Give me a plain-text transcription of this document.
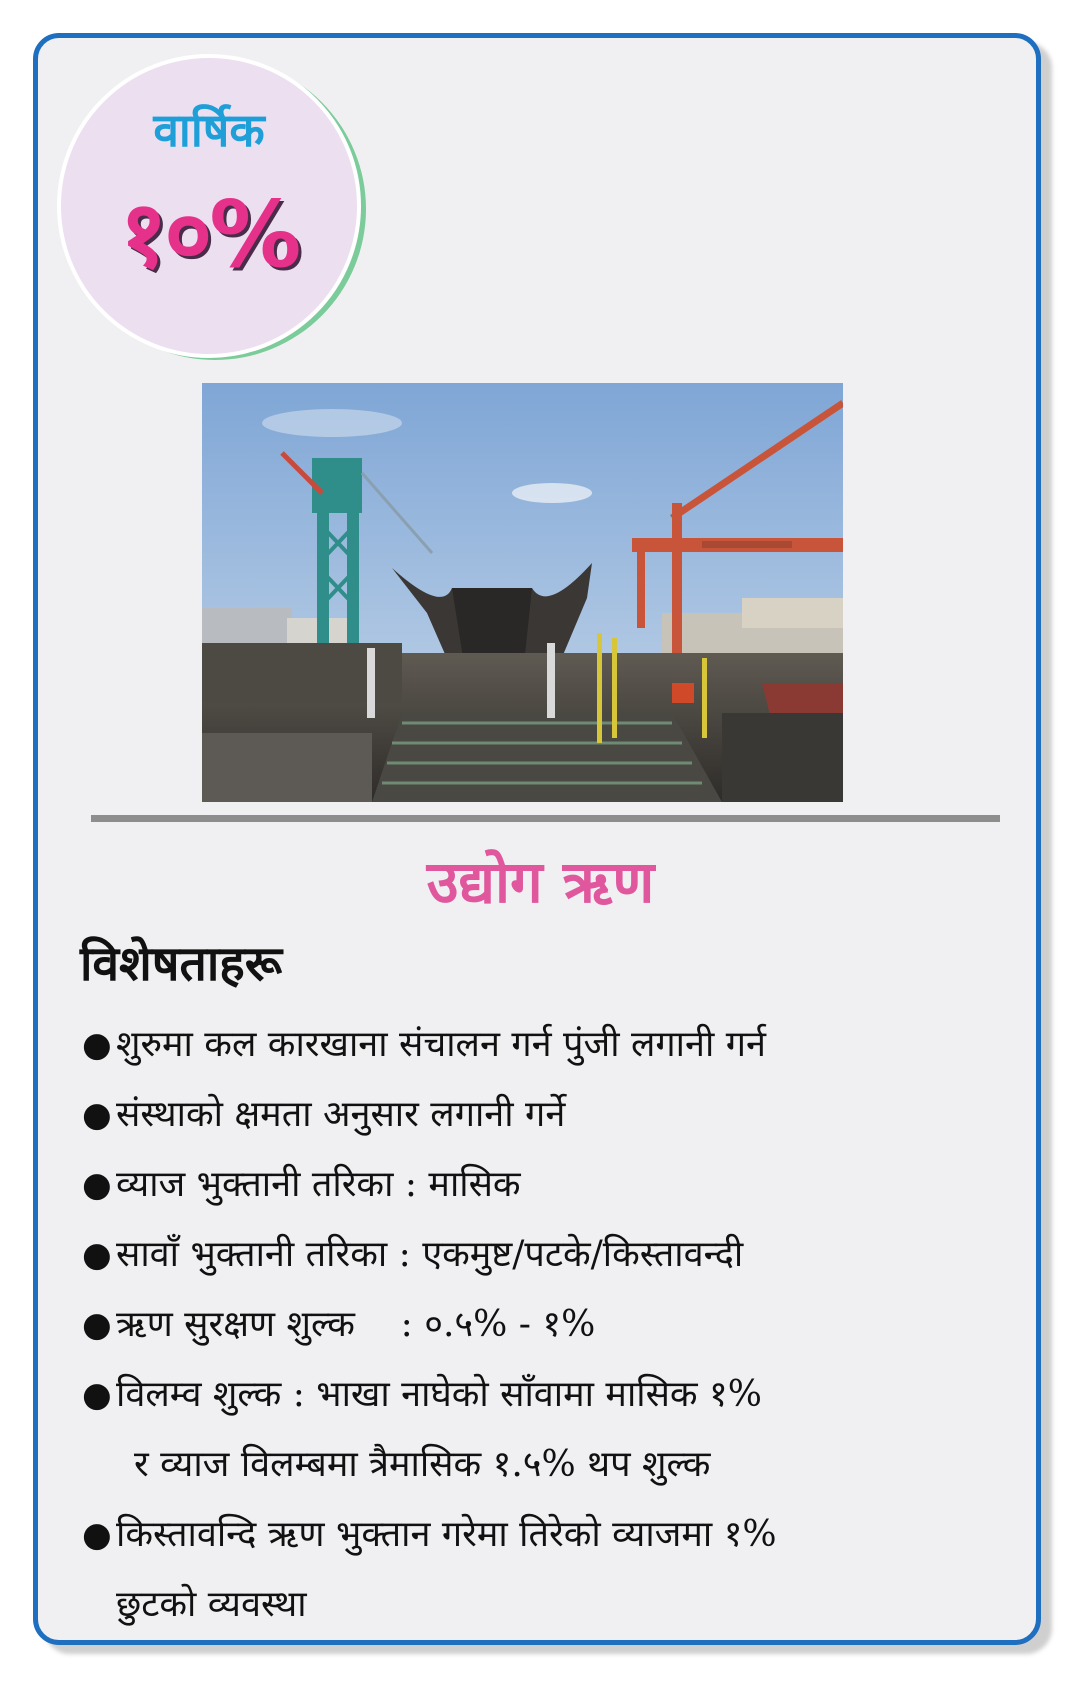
वार्षिक
१०%
उद्योग ऋण
विशेषताहरू
● शुरुमा कल कारखाना संचालन गर्न पुंजी लगानी गर्न
● संस्थाको क्षमता अनुसार लगानी गर्ने
● व्याज भुक्तानी तरिका : मासिक
● सावाँ भुक्तानी तरिका : एकमुष्ट/पटके/किस्तावन्दी
● ऋण सुरक्षण शुल्क    : ०.५% - १%
● विलम्व शुल्क : भाखा नाघेको साँवामा मासिक १%
र व्याज विलम्बमा त्रैमासिक १.५% थप शुल्क
● किस्तावन्दि ऋण भुक्तान गरेमा तिरेको व्याजमा १%
छुटको व्यवस्था
